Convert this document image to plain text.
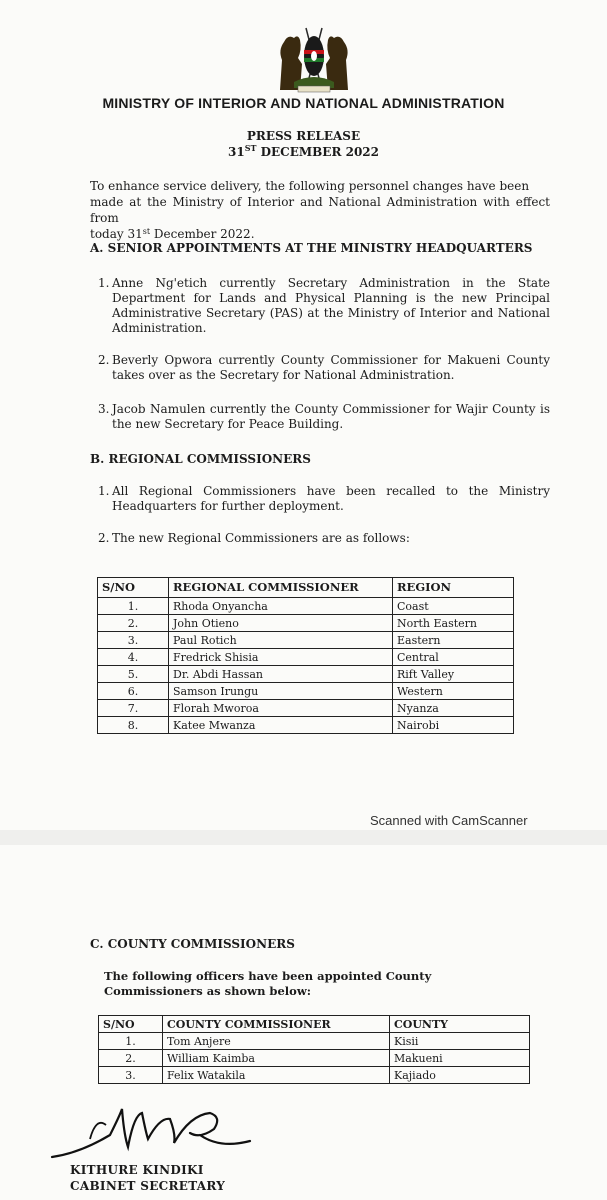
MINISTRY OF INTERIOR AND NATIONAL ADMINISTRATION
PRESS RELEASE
31ST DECEMBER 2022
To enhance service delivery, the following personnel changes have been
made at the Ministry of Interior and National Administration with effect from
today 31st December 2022.
A. SENIOR APPOINTMENTS AT THE MINISTRY HEADQUARTERS
1. Anne Ng'etich currently Secretary Administration in the State Department for Lands and Physical Planning is the new Principal Administrative Secretary (PAS) at the Ministry of Interior and National Administration.
2. Beverly Opwora currently County Commissioner for Makueni County takes over as the Secretary for National Administration.
3. Jacob Namulen currently the County Commissioner for Wajir County is the new Secretary for Peace Building.
B. REGIONAL COMMISSIONERS
1. All Regional Commissioners have been recalled to the Ministry Headquarters for further deployment.
2. The new Regional Commissioners are as follows:
S/NO	REGIONAL COMMISSIONER	REGION
1.	Rhoda Onyancha	Coast
2.	John Otieno	North Eastern
3.	Paul Rotich	Eastern
4.	Fredrick Shisia	Central
5.	Dr. Abdi Hassan	Rift Valley
6.	Samson Irungu	Western
7.	Florah Mworoa	Nyanza
8.	Katee Mwanza	Nairobi
Scanned with CamScanner
C. COUNTY COMMISSIONERS
The following officers have been appointed County Commissioners as shown below:
S/NO	COUNTY COMMISSIONER	COUNTY
1.	Tom Anjere	Kisii
2.	William Kaimba	Makueni
3.	Felix Watakila	Kajiado
KITHURE KINDIKI
CABINET SECRETARY
